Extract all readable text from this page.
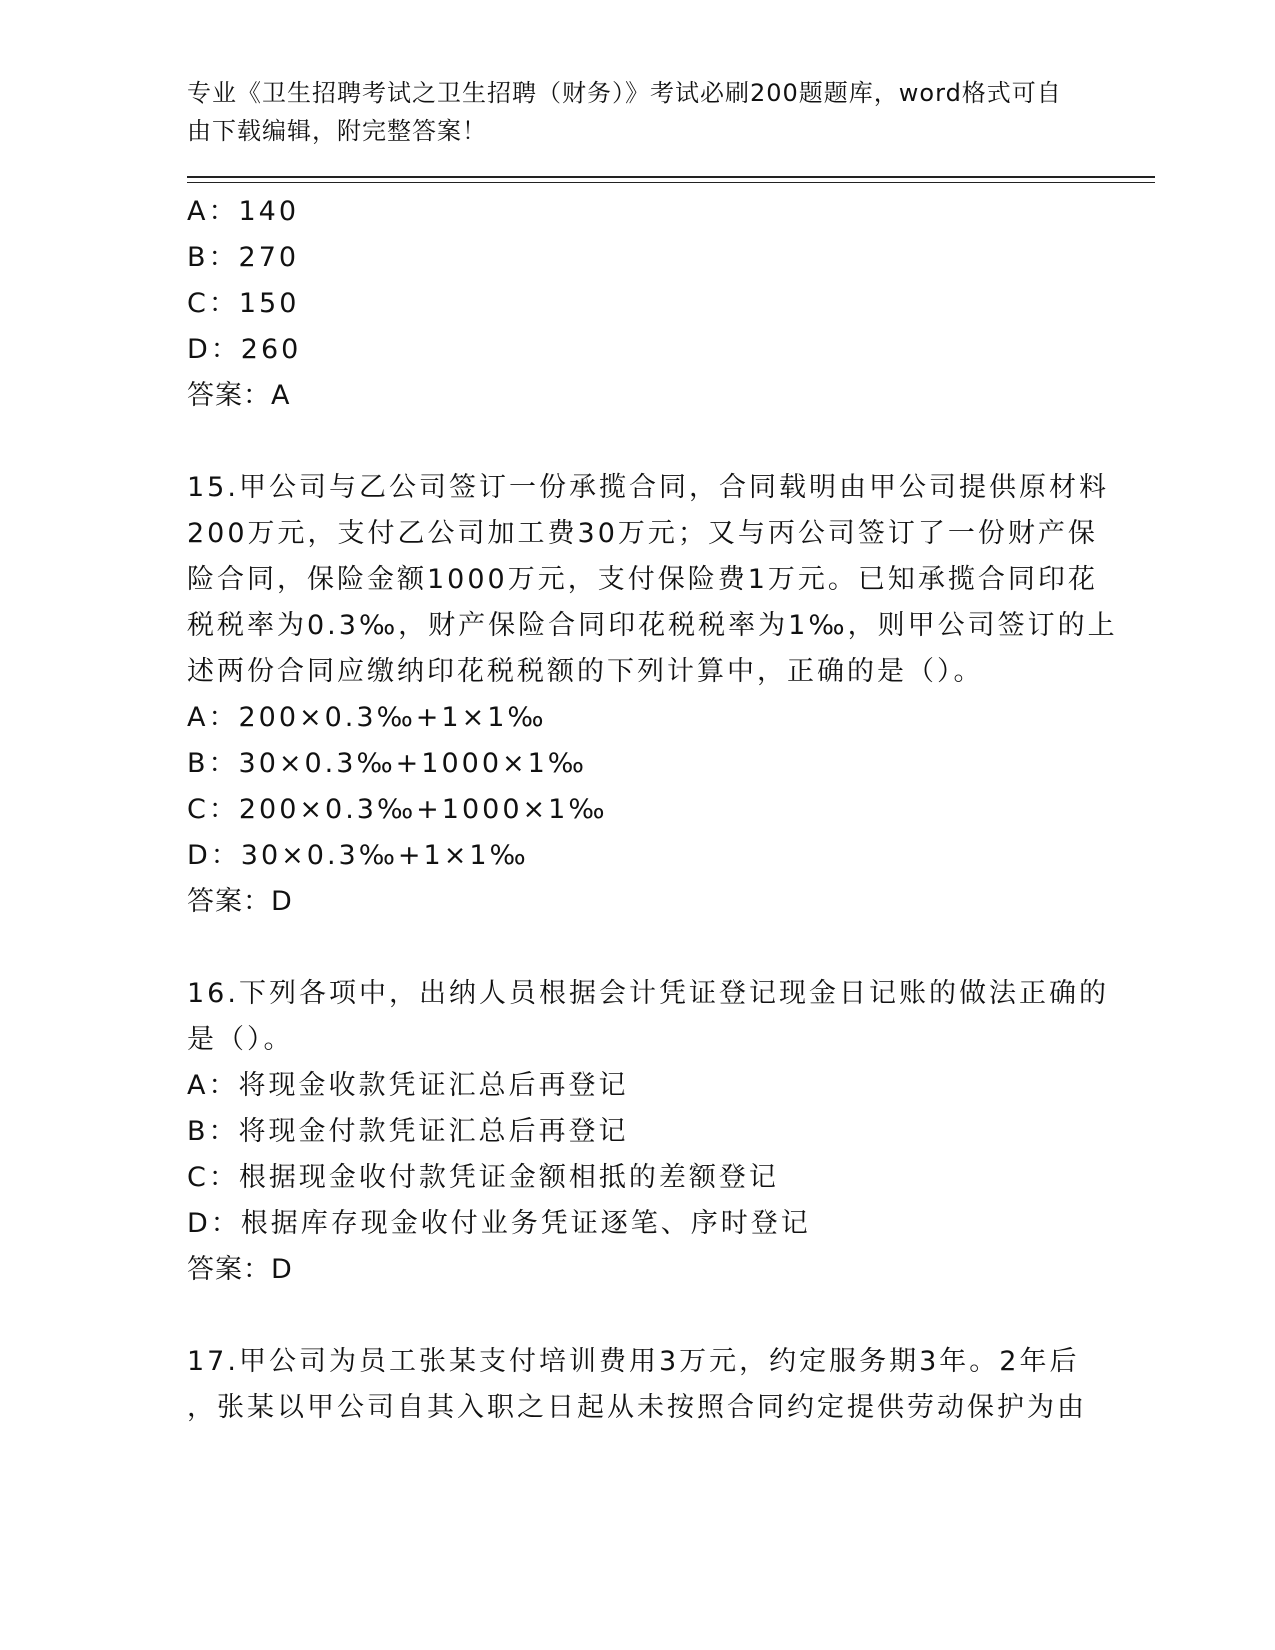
专业《卫生招聘考试之卫生招聘（财务）》考试必刷200题题库，word格式可自
由下载编辑，附完整答案！
A：140
B：270
C：150
D：260
答案：A
15.甲公司与乙公司签订一份承揽合同，合同载明由甲公司提供原材料
200万元，支付乙公司加工费30万元；又与丙公司签订了一份财产保
险合同，保险金额1000万元，支付保险费1万元。已知承揽合同印花
税税率为0.3‰，财产保险合同印花税税率为1‰，则甲公司签订的上
述两份合同应缴纳印花税税额的下列计算中，正确的是（）。
A：200×0.3‰+1×1‰
B：30×0.3‰+1000×1‰
C：200×0.3‰+1000×1‰
D：30×0.3‰+1×1‰
答案：D
16.下列各项中，出纳人员根据会计凭证登记现金日记账的做法正确的
是（）。
A：将现金收款凭证汇总后再登记
B：将现金付款凭证汇总后再登记
C：根据现金收付款凭证金额相抵的差额登记
D：根据库存现金收付业务凭证逐笔、序时登记
答案：D
17.甲公司为员工张某支付培训费用3万元，约定服务期3年。2年后
，张某以甲公司自其入职之日起从未按照合同约定提供劳动保护为由
